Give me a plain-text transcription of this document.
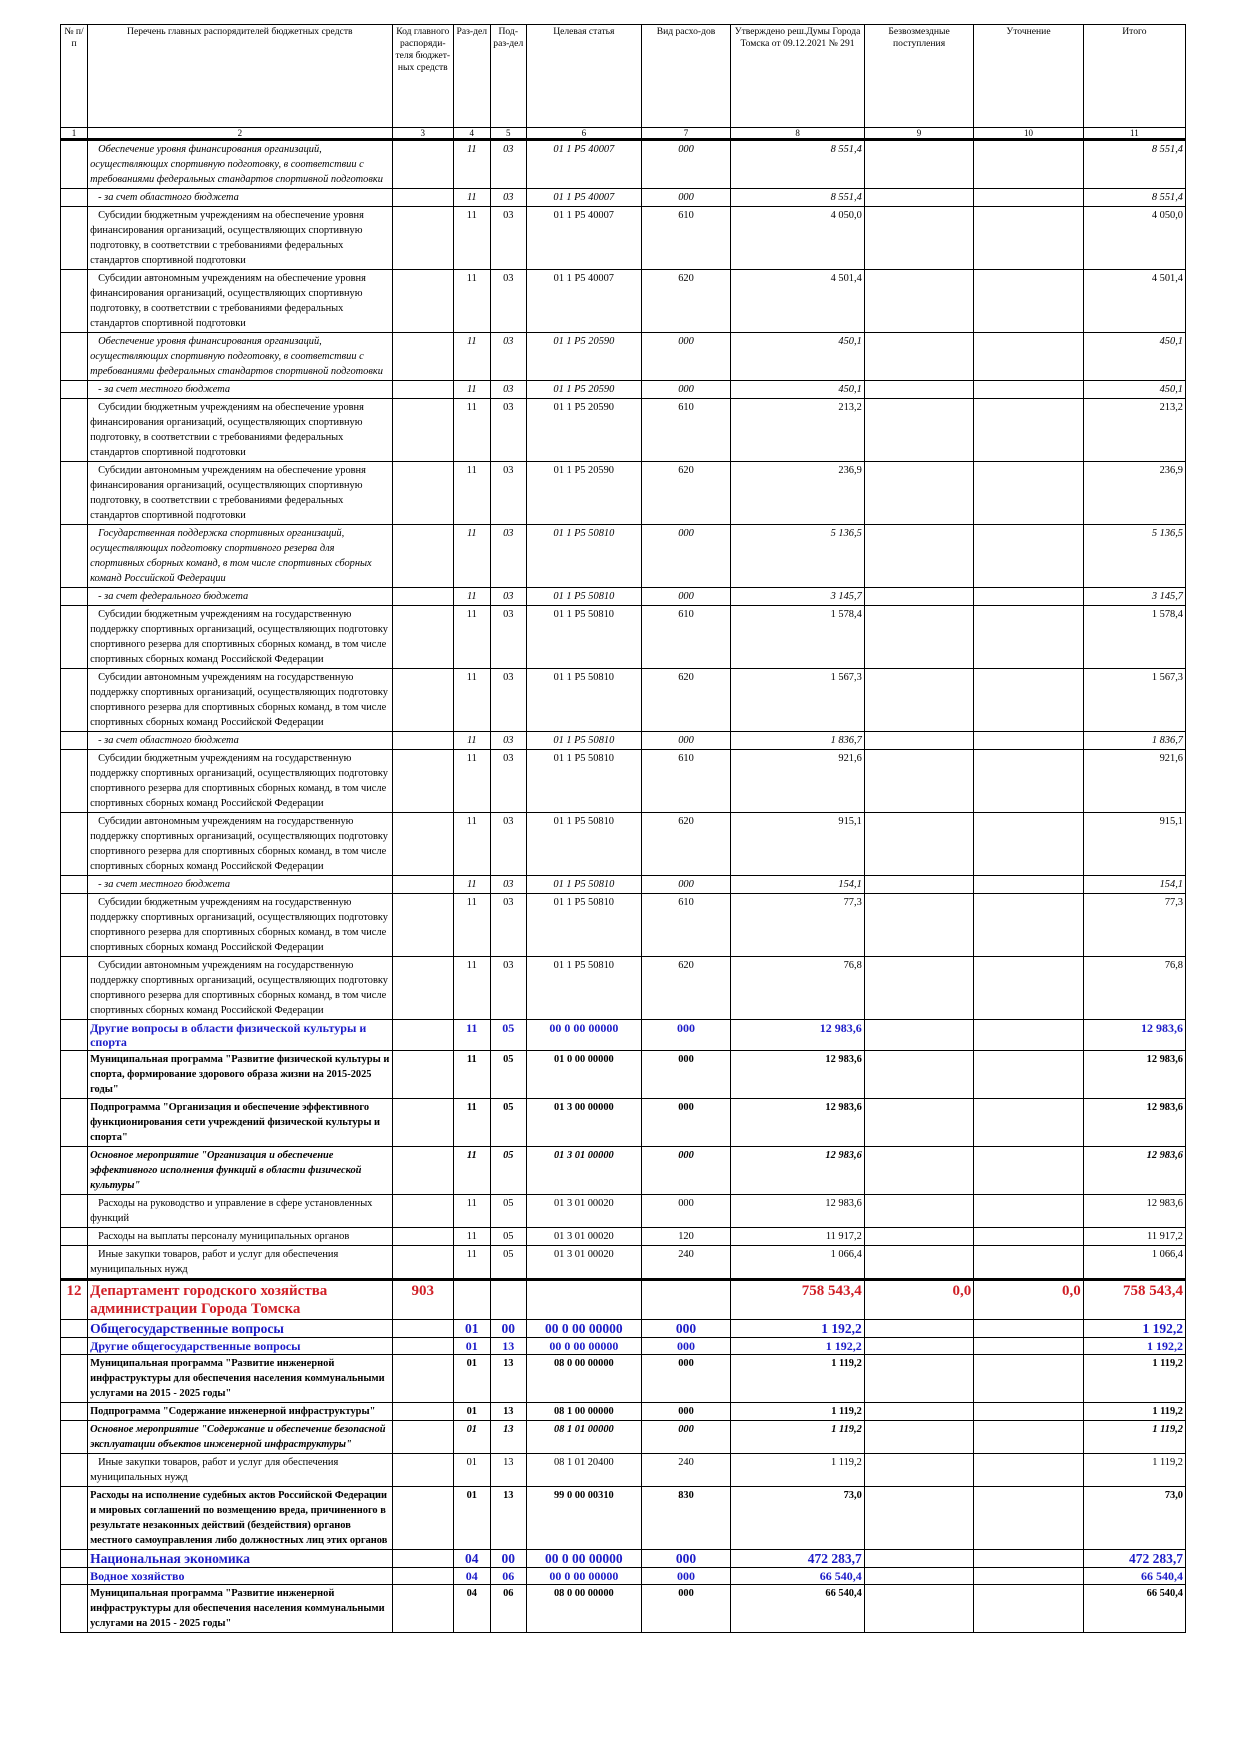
№ п/п	Перечень главных распорядителей бюджетных средств	Код главного распоряди-теля бюджет-ных средств	Раз-дел	Под-раз-дел	Целевая статья	Вид расхо-дов	Утверждено реш.Думы Города Томска от 09.12.2021 № 291	Безвозмездные поступления	Уточнение	Итого
1	2	3	4	5	6	7	8	9	10	11
	Обеспечение уровня финансирования организаций, осуществляющих спортивную подготовку, в соответствии с требованиями федеральных стандартов спортивной подготовки		11	03	01 1 Р5 40007	000	8 551,4			8 551,4
	- за счет областного бюджета		11	03	01 1 Р5 40007	000	8 551,4			8 551,4
	Субсидии бюджетным учреждениям на обеспечение уровня финансирования организаций, осуществляющих спортивную подготовку, в соответствии с требованиями федеральных стандартов спортивной подготовки		11	03	01 1 Р5 40007	610	4 050,0			4 050,0
	Субсидии автономным учреждениям на обеспечение уровня финансирования организаций, осуществляющих спортивную подготовку, в соответствии с требованиями федеральных стандартов спортивной подготовки		11	03	01 1 Р5 40007	620	4 501,4			4 501,4
	Обеспечение уровня финансирования организаций, осуществляющих спортивную подготовку, в соответствии с требованиями федеральных стандартов спортивной подготовки		11	03	01 1 Р5 20590	000	450,1			450,1
	- за счет местного бюджета		11	03	01 1 Р5 20590	000	450,1			450,1
	Субсидии бюджетным учреждениям на обеспечение уровня финансирования организаций, осуществляющих спортивную подготовку, в соответствии с требованиями федеральных стандартов спортивной подготовки		11	03	01 1 Р5 20590	610	213,2			213,2
	Субсидии автономным учреждениям на обеспечение уровня финансирования организаций, осуществляющих спортивную подготовку, в соответствии с требованиями федеральных стандартов спортивной подготовки		11	03	01 1 Р5 20590	620	236,9			236,9
	Государственная поддержка спортивных организаций, осуществляющих подготовку спортивного резерва для спортивных сборных команд, в том числе спортивных сборных команд Российской Федерации		11	03	01 1 Р5 50810	000	5 136,5			5 136,5
	- за счет федерального бюджета		11	03	01 1 Р5 50810	000	3 145,7			3 145,7
	Субсидии бюджетным учреждениям на государственную поддержку спортивных организаций, осуществляющих подготовку спортивного резерва для спортивных сборных команд, в том числе спортивных сборных команд Российской Федерации		11	03	01 1 Р5 50810	610	1 578,4			1 578,4
	Субсидии автономным учреждениям на государственную поддержку спортивных организаций, осуществляющих подготовку спортивного резерва для спортивных сборных команд, в том числе спортивных сборных команд Российской Федерации		11	03	01 1 Р5 50810	620	1 567,3			1 567,3
	- за счет областного бюджета		11	03	01 1 Р5 50810	000	1 836,7			1 836,7
	Субсидии бюджетным учреждениям на государственную поддержку спортивных организаций, осуществляющих подготовку спортивного резерва для спортивных сборных команд, в том числе спортивных сборных команд Российской Федерации		11	03	01 1 Р5 50810	610	921,6			921,6
	Субсидии автономным учреждениям на государственную поддержку спортивных организаций, осуществляющих подготовку спортивного резерва для спортивных сборных команд, в том числе спортивных сборных команд Российской Федерации		11	03	01 1 Р5 50810	620	915,1			915,1
	- за счет местного бюджета		11	03	01 1 Р5 50810	000	154,1			154,1
	Субсидии бюджетным учреждениям на государственную поддержку спортивных организаций, осуществляющих подготовку спортивного резерва для спортивных сборных команд, в том числе спортивных сборных команд Российской Федерации		11	03	01 1 Р5 50810	610	77,3			77,3
	Субсидии автономным учреждениям на государственную поддержку спортивных организаций, осуществляющих подготовку спортивного резерва для спортивных сборных команд, в том числе спортивных сборных команд Российской Федерации		11	03	01 1 Р5 50810	620	76,8			76,8
	Другие вопросы в области физической культуры и спорта		11	05	00 0 00 00000	000	12 983,6			12 983,6
	Муниципальная программа "Развитие физической культуры и спорта, формирование здорового образа жизни на 2015-2025 годы"		11	05	01 0 00 00000	000	12 983,6			12 983,6
	Подпрограмма "Организация и обеспечение эффективного функционирования сети учреждений физической культуры и спорта"		11	05	01 3 00 00000	000	12 983,6			12 983,6
	Основное мероприятие "Организация и обеспечение эффективного исполнения функций в области физической культуры"		11	05	01 3 01 00000	000	12 983,6			12 983,6
	Расходы на руководство и управление в сфере установленных функций		11	05	01 3 01 00020	000	12 983,6			12 983,6
	Расходы на выплаты персоналу муниципальных органов		11	05	01 3 01 00020	120	11 917,2			11 917,2
	Иные закупки товаров, работ и услуг для обеспечения муниципальных нужд		11	05	01 3 01 00020	240	1 066,4			1 066,4
12	Департамент городского хозяйства администрации Города Томска	903					758 543,4	0,0	0,0	758 543,4
	Общегосударственные вопросы		01	00	00 0 00 00000	000	1 192,2			1 192,2
	Другие общегосударственные вопросы		01	13	00 0 00 00000	000	1 192,2			1 192,2
	Муниципальная программа "Развитие инженерной инфраструктуры для обеспечения населения коммунальными услугами на 2015 - 2025 годы"		01	13	08 0 00 00000	000	1 119,2			1 119,2
	Подпрограмма "Содержание инженерной инфраструктуры"		01	13	08 1 00 00000	000	1 119,2			1 119,2
	Основное мероприятие "Содержание и обеспечение безопасной эксплуатации объектов инженерной инфраструктуры"		01	13	08 1 01 00000	000	1 119,2			1 119,2
	Иные закупки товаров, работ и услуг для обеспечения муниципальных нужд		01	13	08 1 01 20400	240	1 119,2			1 119,2
	Расходы на исполнение судебных актов Российской Федерации и мировых соглашений по возмещению вреда, причиненного в результате незаконных действий (бездействия) органов местного самоуправления либо должностных лиц этих органов		01	13	99 0 00 00310	830	73,0			73,0
	Национальная экономика		04	00	00 0 00 00000	000	472 283,7			472 283,7
	Водное хозяйство		04	06	00 0 00 00000	000	66 540,4			66 540,4
	Муниципальная программа "Развитие инженерной инфраструктуры для обеспечения населения коммунальными услугами на 2015 - 2025 годы"		04	06	08 0 00 00000	000	66 540,4			66 540,4
